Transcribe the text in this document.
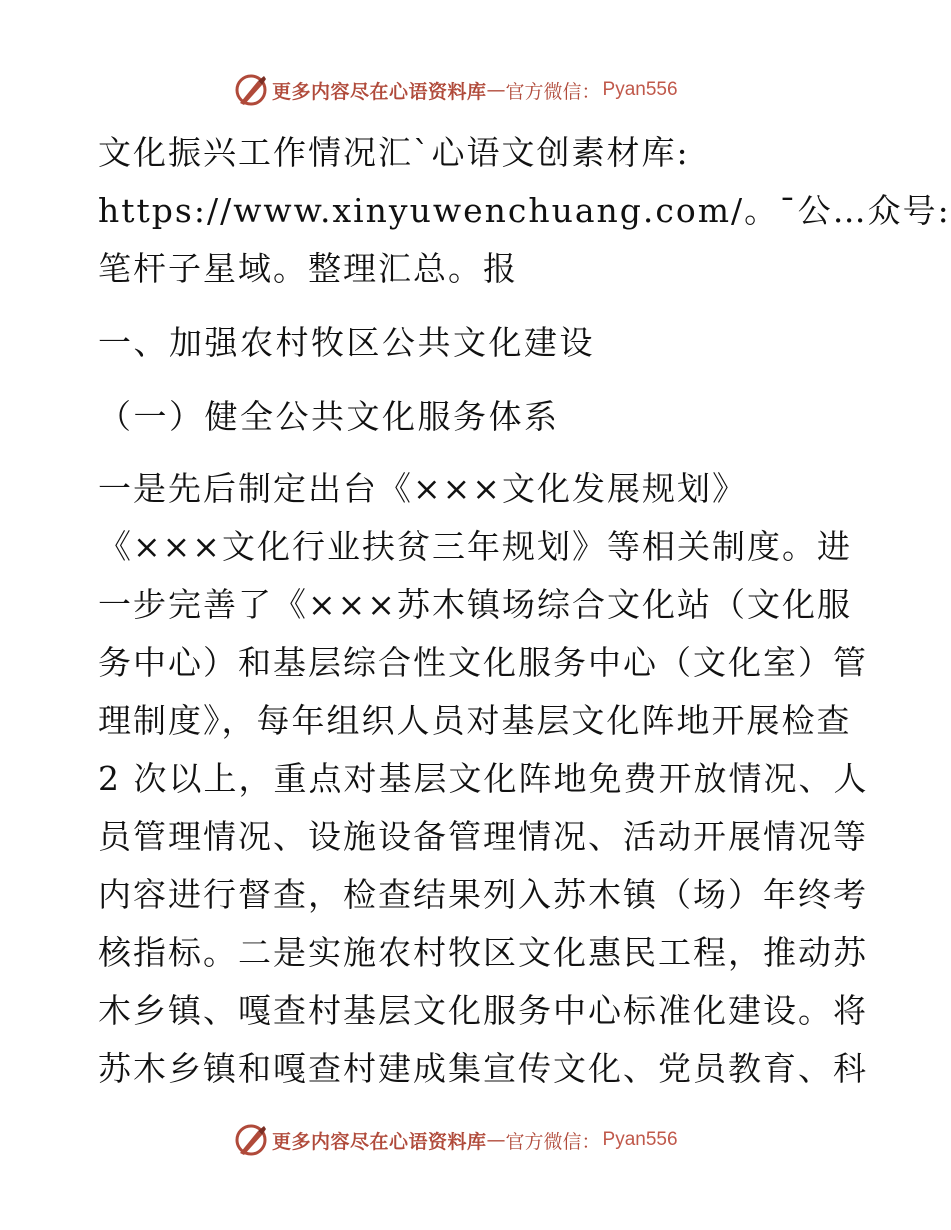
更多内容尽在心语资料库 — 官方微信： Pyan556
文化振兴工作情况汇`心语文创素材库:
https://www.xinyuwenchuang.com/。¯公…众号:
笔杆子星域。整理汇总。报
一、加强农村牧区公共文化建设
（一）健全公共文化服务体系
一是先后制定出台《×××文化发展规划》
《×××文化行业扶贫三年规划》等相关制度。进
一步完善了《×××苏木镇场综合文化站（文化服
务中心）和基层综合性文化服务中心（文化室）管
理制度》，每年组织人员对基层文化阵地开展检查
2 次以上，重点对基层文化阵地免费开放情况、人
员管理情况、设施设备管理情况、活动开展情况等
内容进行督查，检查结果列入苏木镇（场）年终考
核指标。二是实施农村牧区文化惠民工程，推动苏
木乡镇、嘎查村基层文化服务中心标准化建设。将
苏木乡镇和嘎查村建成集宣传文化、党员教育、科
更多内容尽在心语资料库 — 官方微信： Pyan556
